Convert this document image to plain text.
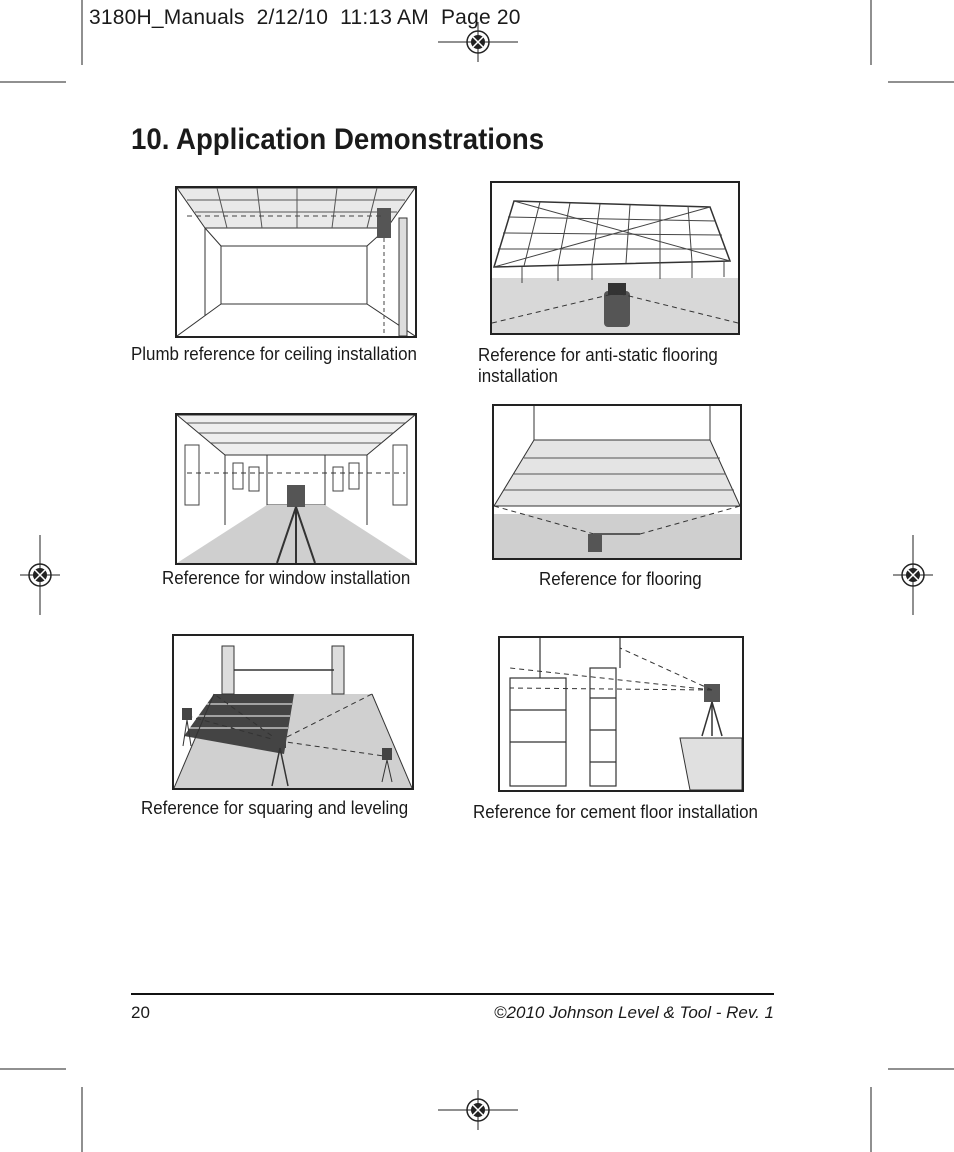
3180H_Manuals  2/12/10  11:13 AM  Page 20
10. Application Demonstrations
Plumb reference for ceiling installation	Reference for anti-static flooring installation
Reference for window installation	Reference for flooring
Reference for squaring and leveling	Reference for cement floor installation
20	©2010 Johnson Level & Tool - Rev. 1
